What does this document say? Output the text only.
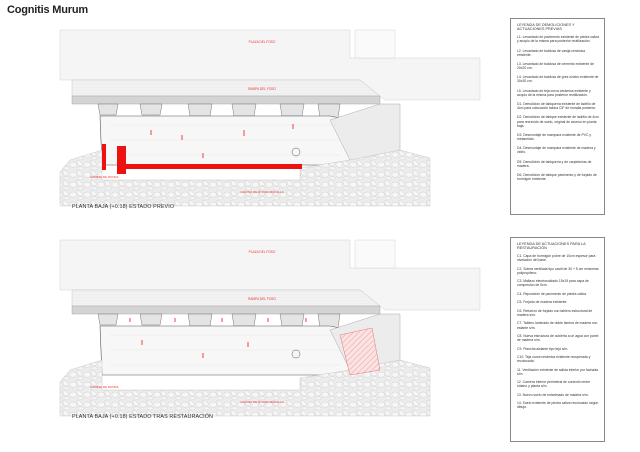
Cognitis Murum
PLAZA DEL FOSO
RAMPA DEL FOSO
CAMINO DE RONDA
CAMINO DE RONDA MURALLA
PLAZA DEL FOSO
RAMPA DEL FOSO
CAMINO DE RONDA
CAMINO DE RONDA MURALLA
PLANTA BAJA (+0.18) ESTADO PREVIO
PLANTA BAJA (+0.18) ESTADO TRAS RESTAURACIÓN
LEYENDA DE DEMOLICIONES Y ACTUACIONES PREVIAS
L1. Levantado de pavimento existente de piedra caliza y acopio de la misma para posterior reutilización.
L2. Levantado de baldosa de vasija cerámica existente.
L3. Levantado de baldosa de cemento existente de 20x20 cm.
L4. Levantado de baldosa de gres rústico existente de 30x30 cm.
L5. Levantado de teja curva cerámica existente y acopio de la misma para posterior reutilización.
D1. Demolición de tabiquería existente de ladrillo de 4cm para colocación tabica CIF de muralla posterior.
D2. Demolición de tabique existente de ladrillo de 4cm para recrecido de suelo, original de acceso en planta baja.
D3. Desmontaje de mampara existente de PVC y metacrilato.
D4. Desmontaje de mampara existente de madera y vidrio.
D5. Demolición de tabiquería y de carpinterías de madera.
D6. Demolición de tabique pavimento y de forjado de hormigón existente.
LEYENDA DE ACTUACIONES PARA LA RESTAURACIÓN
C1. Capa de hormigón pobre de 10cm espesor para nivelación del base.
C2. Solera ventilada tipo caviti de 30 + 5 cm miniceras polipropileno.
C3. Mallazo electrosoldado 15x15 para capa de compresión de 5cm.
C4. Reposición de pavimento de piedra caliza.
C5. Forjado de madera existente.
C6. Refuerzo de forjado con tablero estructural de madera s/m.
C7. Tablero laminado de doble lámina de madera con estante s/m.
C8. Nueva estructura de cubierta a un agua con panel de madera s/m.
C9. Plancha aislante tipo teja s/m.
C10. Teja curva cerámica existente recuperada y recolocada.
11. Ventilación existente de salida interior por fachada s/m.
12. Carriera interior perimetral de conexión entre sótano y planta s/m.
13. Nuevo suelo de entarimado de madera s/m.
14. Suelo existente de piedra caliza recolocado según dibujo.
